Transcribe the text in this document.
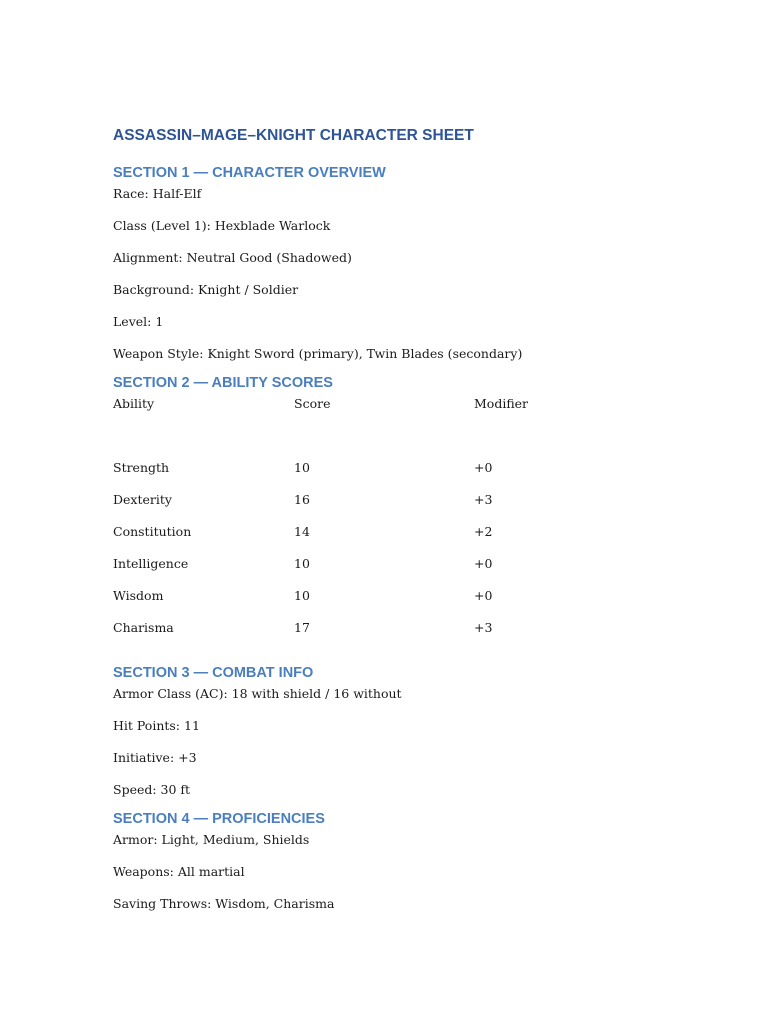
ASSASSIN–MAGE–KNIGHT CHARACTER SHEET
SECTION 1 — CHARACTER OVERVIEW

Race: Half-Elf

Class (Level 1): Hexblade Warlock

Alignment: Neutral Good (Shadowed)

Background: Knight / Soldier

Level: 1

Weapon Style: Knight Sword (primary), Twin Blades (secondary)

SECTION 2 — ABILITY SCORES
Ability	Score	Modifier
Strength	10	+0
Dexterity	16	+3
Constitution	14	+2
Intelligence	10	+0
Wisdom	10	+0
Charisma	17	+3
SECTION 3 — COMBAT INFO

Armor Class (AC): 18 with shield / 16 without

Hit Points: 11

Initiative: +3

Speed: 30 ft

SECTION 4 — PROFICIENCIES

Armor: Light, Medium, Shields

Weapons: All martial

Saving Throws: Wisdom, Charisma
